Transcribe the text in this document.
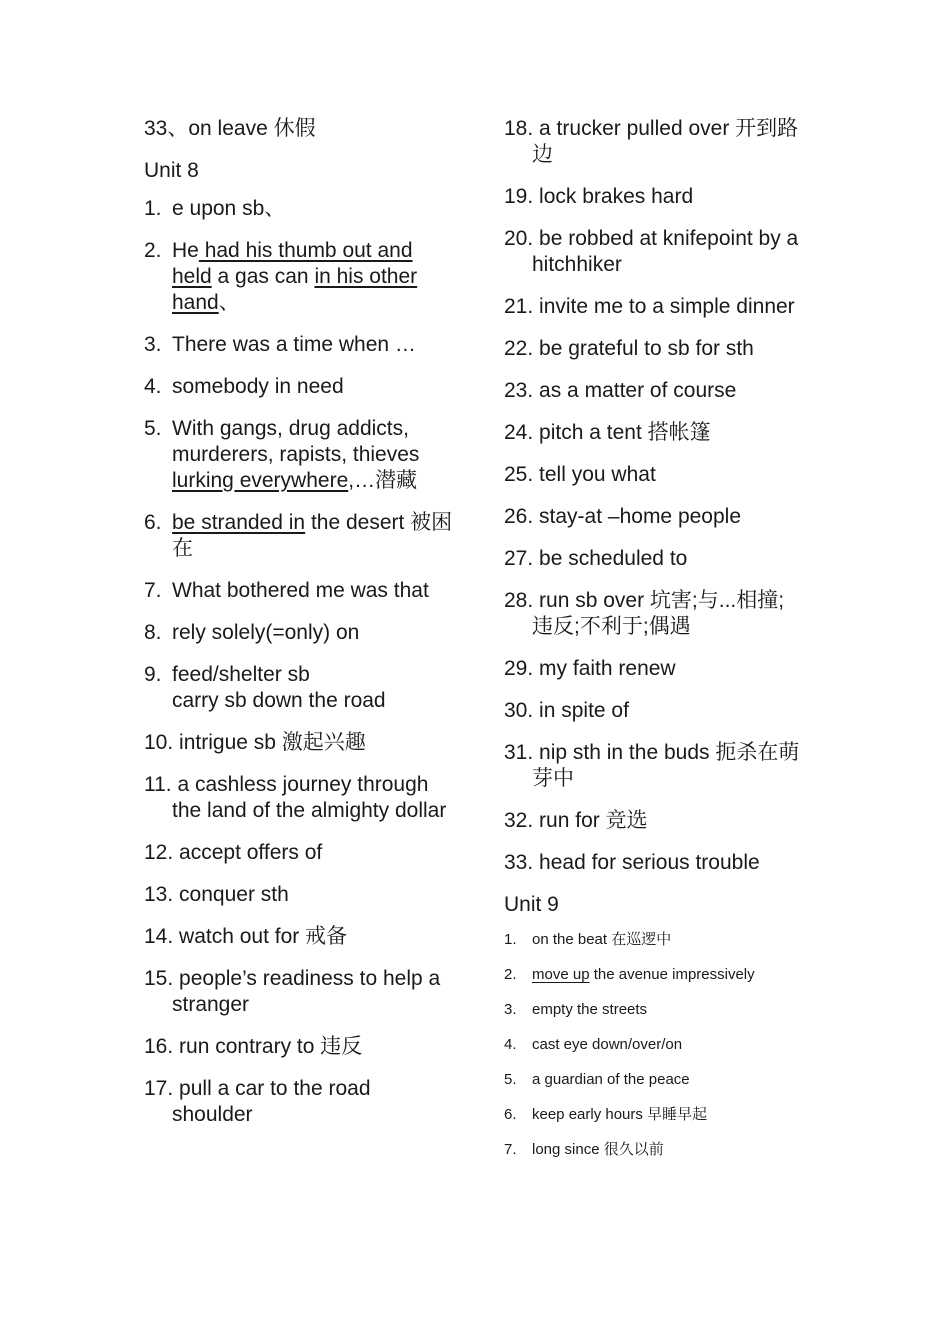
33、on leave 休假
Unit 8
1. e upon sb、
2. He had his thumb out and held a gas can in his other hand、
3. There was a time when …
4. somebody in need
5. With gangs, drug addicts, murderers, rapists, thieves
lurking everywhere,…潜藏
6. be stranded in the desert 被困在
7. What bothered me was that
8. rely solely(=only) on
9. feed/shelter sb
carry sb down the road
10. intrigue sb 激起兴趣
11. a cashless journey through the land of the almighty dollar
12. accept offers of
13. conquer sth
14. watch out for 戒备
15. people’s readiness to help a stranger
16. run contrary to 违反
17. pull a car to the road shoulder
18. a trucker pulled over 开到路边
19. lock brakes hard
20. be robbed at knifepoint by a hitchhiker
21. invite me to a simple dinner
22. be grateful to sb for sth
23. as a matter of course
24. pitch a tent 搭帐篷
25. tell you what
26. stay-at –home people
27. be scheduled to
28. run sb over 坑害;与...相撞;违反;不利于;偶遇
29. my faith renew
30. in spite of
31. nip sth in the buds 扼杀在萌芽中
32. run for 竞选
33. head for serious trouble
Unit 9
1.	on the beat 在巡逻中
2.	move up the avenue impressively
3.	empty the streets
4.	cast eye down/over/on
5.	a guardian of the peace
6.	keep early hours 早睡早起
7.	long since 很久以前
